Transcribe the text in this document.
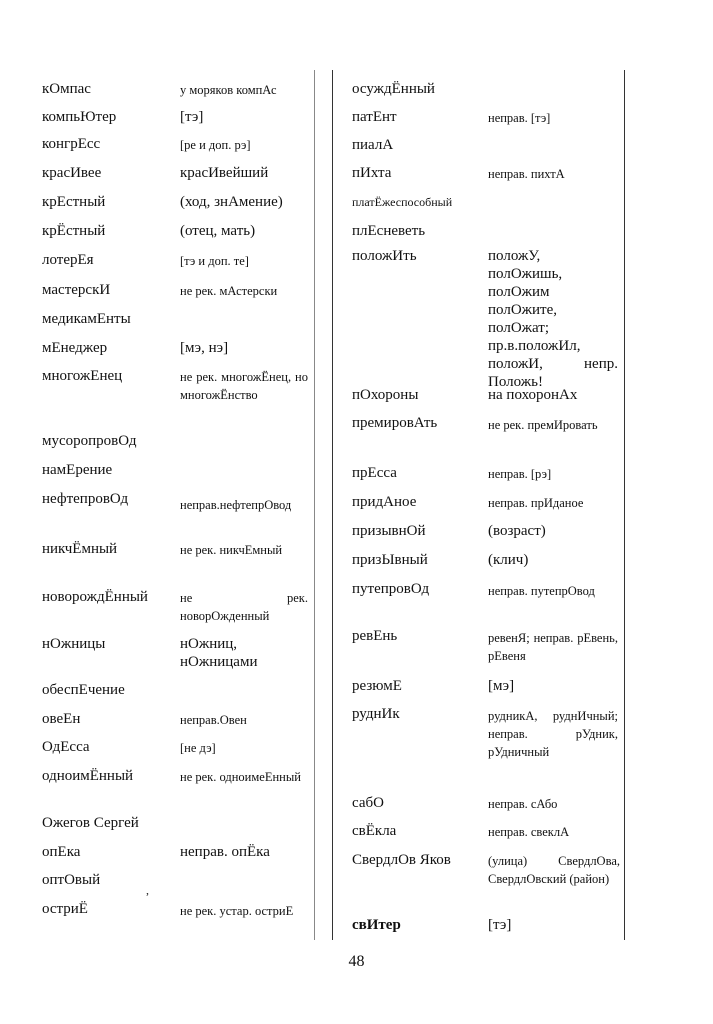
кОмпас	у моряков компАс
компьЮтер	[тэ]
конгрЕсс	[ре и доп. рэ]
красИвее	красИвейший
крЕстный	(ход, знАмение)
крЁстный	(отец, мать)
лотерЕя	[тэ и доп. те]
мастерскИ	не рек. мАстерски
медикамЕнты
мЕнеджер	[мэ, нэ]
многожЕнец	не рек. многожЁнец, но многожЁнство
мусоропровОд
намЕрение
нефтепровОд	неправ.нефтепрОвод
никчЁмный	не рек. никчЕмный
новорождЁнный	не рек. новорОжденный
нОжницы	нОжниц, нОжницами
обеспЕчение
овеЕн	неправ.Овен
ОдЕсса	[не дэ]
одноимЁнный	не рек. одноимеЕнный
Ожегов Сергей
опЕка	неправ. опЁка
оптОвый
,
остриЁ	не рек. устар. остриЕ
осуждЁнный
патЕнт	неправ. [тэ]
пиалА
пИхта	неправ. пихтА
платЁжеспособный
плЕсневеть
положИть	положУ, полОжишь, полОжим полОжите, полОжат; пр.в.положИл, положИ, непр. Положь!
пОхороны	на похоронАх
премировАть	не рек. премИровать
прЕсса	неправ. [рэ]
придАное	неправ. прИданое
призывнОй	(возраст)
призЫвный	(клич)
путепровОд	неправ. путепрОвод
ревЕнь	ревенЯ; неправ. рЕвень, рЕвеня
резюмЕ	[мэ]
руднИк	рудникА, руднИчный; неправ. рУдник, рУдничный
сабО	неправ. сАбо
свЁкла	неправ. свеклА
СвердлОв Яков	(улица) СвердлОва, СвердлОвский (район)
свИтер	[тэ]
48
